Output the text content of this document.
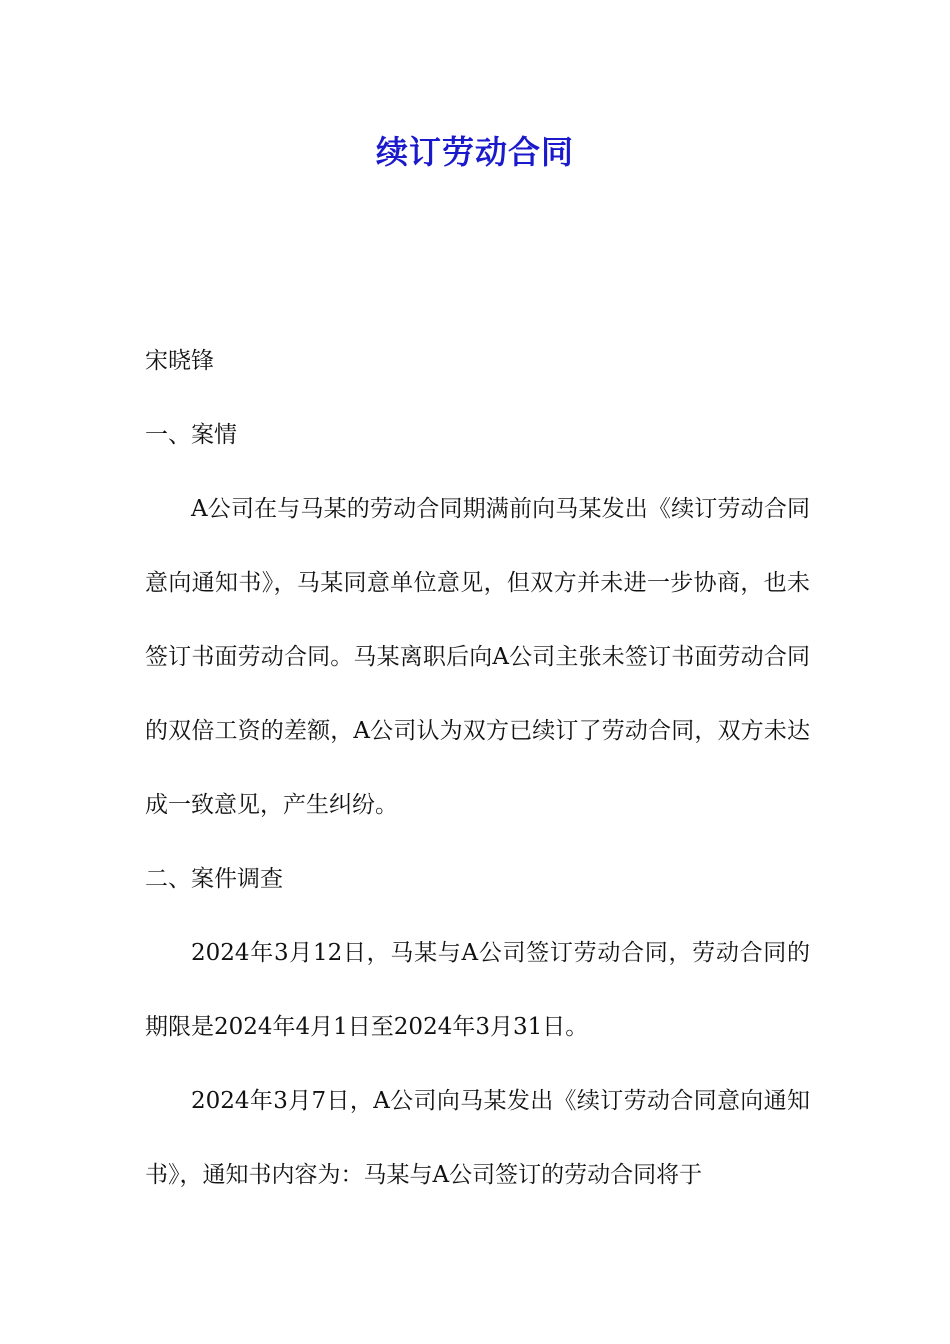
续订劳动合同
宋晓锋

一、案情

A公司在与马某的劳动合同期满前向马某发出《续订劳动合同意向通知书》，马某同意单位意见，但双方并未进一步协商，也未签订书面劳动合同。马某离职后向A公司主张未签订书面劳动合同的双倍工资的差额，A公司认为双方已续订了劳动合同，双方未达成一致意见，产生纠纷。

二、案件调查

2024年3月12日，马某与A公司签订劳动合同，劳动合同的期限是2024年4月1日至2024年3月31日。

2024年3月7日，A公司向马某发出《续订劳动合同意向通知书》，通知书内容为：马某与A公司签订的劳动合同将于
